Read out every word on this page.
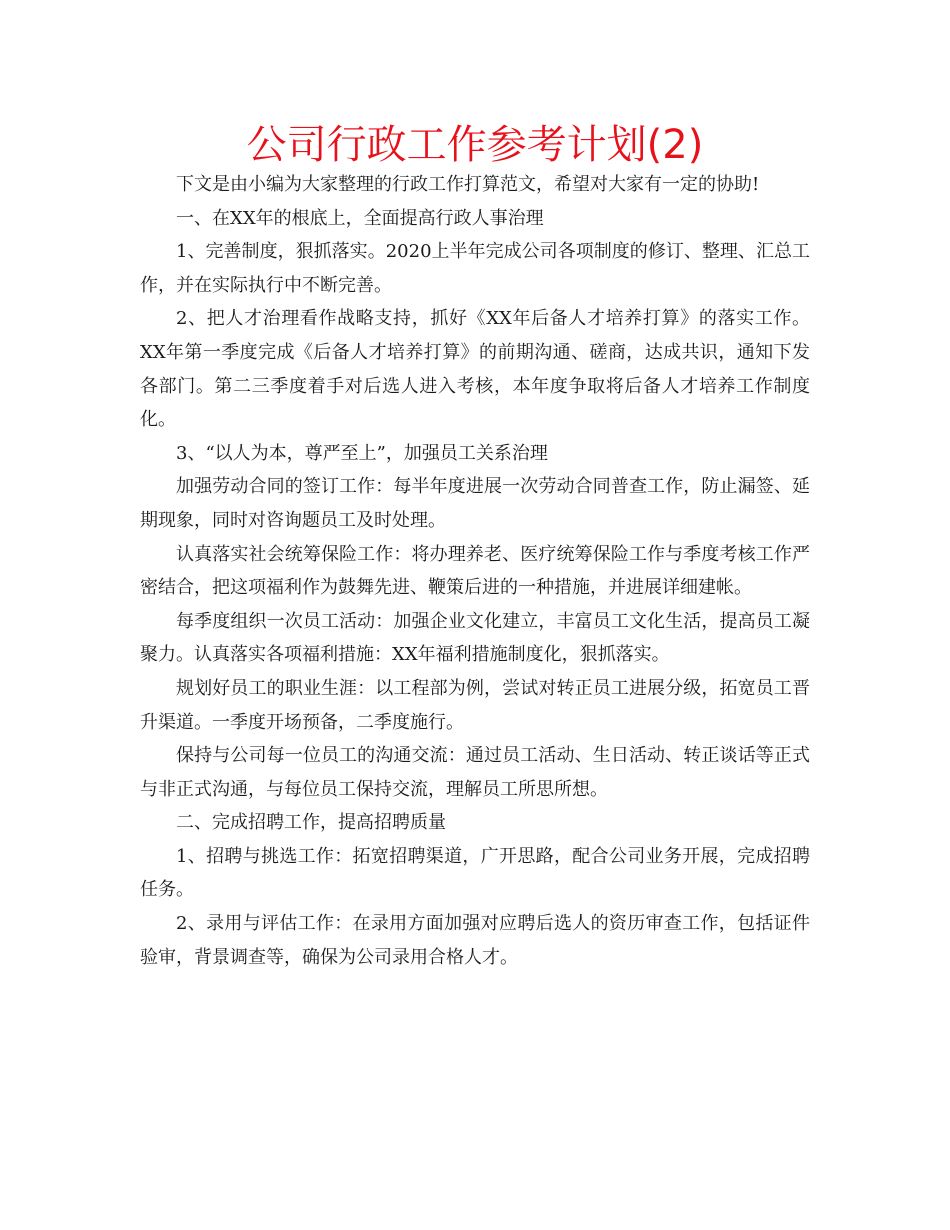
公司行政工作参考计划(2)

下文是由小编为大家整理的行政工作打算范文，希望对大家有一定的协助!

一、在XX年的根底上，全面提高行政人事治理

1、完善制度，狠抓落实。2020上半年完成公司各项制度的修订、整理、汇总工作，并在实际执行中不断完善。

2、把人才治理看作战略支持，抓好《XX年后备人才培养打算》的落实工作。XX年第一季度完成《后备人才培养打算》的前期沟通、磋商，达成共识，通知下发各部门。第二三季度着手对后选人进入考核，本年度争取将后备人才培养工作制度化。

3、“以人为本，尊严至上”，加强员工关系治理

加强劳动合同的签订工作：每半年度进展一次劳动合同普查工作，防止漏签、延期现象，同时对咨询题员工及时处理。

认真落实社会统筹保险工作：将办理养老、医疗统筹保险工作与季度考核工作严密结合，把这项福利作为鼓舞先进、鞭策后进的一种措施，并进展详细建帐。

每季度组织一次员工活动：加强企业文化建立，丰富员工文化生活，提高员工凝聚力。认真落实各项福利措施：XX年福利措施制度化，狠抓落实。

规划好员工的职业生涯：以工程部为例，尝试对转正员工进展分级，拓宽员工晋升渠道。一季度开场预备，二季度施行。

保持与公司每一位员工的沟通交流：通过员工活动、生日活动、转正谈话等正式与非正式沟通，与每位员工保持交流，理解员工所思所想。

二、完成招聘工作，提高招聘质量

1、招聘与挑选工作：拓宽招聘渠道，广开思路，配合公司业务开展，完成招聘任务。

2、录用与评估工作：在录用方面加强对应聘后选人的资历审查工作，包括证件验审，背景调查等，确保为公司录用合格人才。
